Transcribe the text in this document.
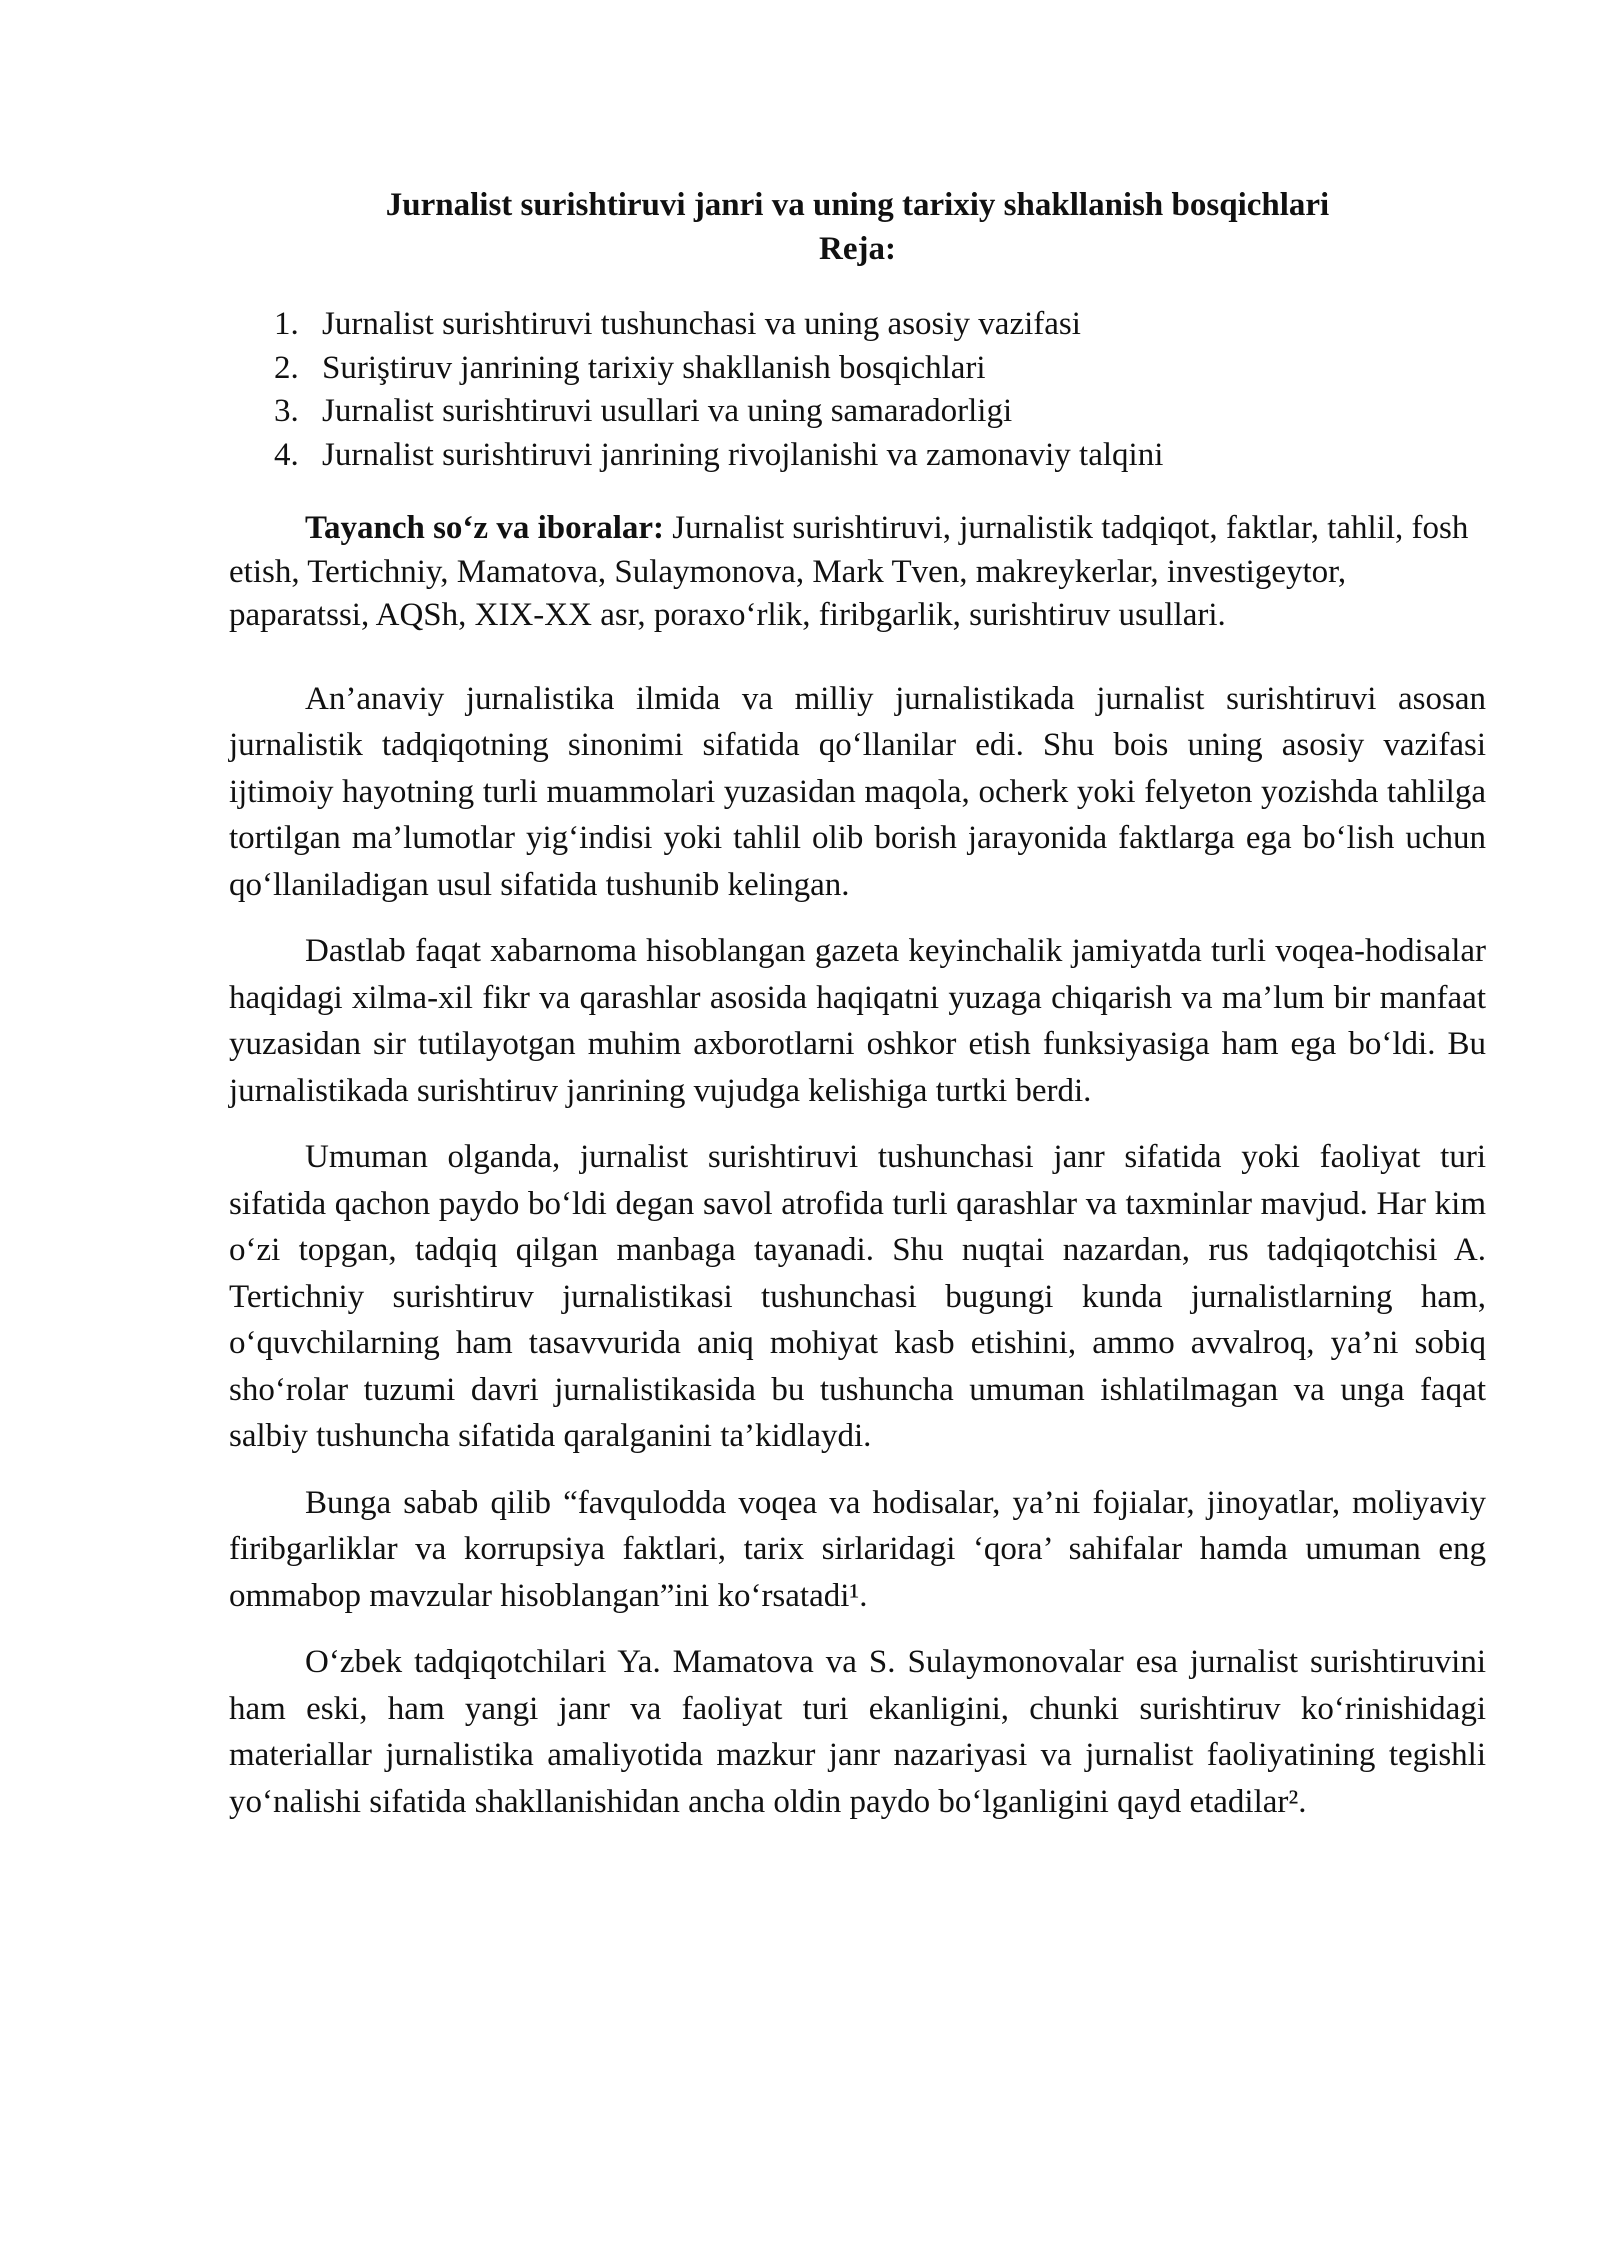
Jurnalist surishtiruvi janri va uning tarixiy shakllanish bosqichlari
Reja:
1. Jurnalist surishtiruvi tushunchasi va uning asosiy vazifasi
2. Suriştiruv janrining tarixiy shakllanish bosqichlari
3. Jurnalist surishtiruvi usullari va uning samaradorligi
4. Jurnalist surishtiruvi janrining rivojlanishi va zamonaviy talqini

Tayanch so‘z va iboralar: Jurnalist surishtiruvi, jurnalistik tadqiqot, faktlar, tahlil, fosh etish, Tertichniy, Mamatova, Sulaymonova, Mark Tven, makreykerlar, investigeytor, paparatssi, AQSh, XIX-XX asr, poraxo‘rlik, firibgarlik, surishtiruv usullari.

An’anaviy jurnalistika ilmida va milliy jurnalistikada jurnalist surishtiruvi asosan jurnalistik tadqiqotning sinonimi sifatida qo‘llanilar edi. Shu bois uning asosiy vazifasi ijtimoiy hayotning turli muammolari yuzasidan maqola, ocherk yoki felyeton yozishda tahlilga tortilgan ma’lumotlar yig‘indisi yoki tahlil olib borish jarayonida faktlarga ega bo‘lish uchun qo‘llaniladigan usul sifatida tushunib kelingan.

Dastlab faqat xabarnoma hisoblangan gazeta keyinchalik jamiyatda turli voqea-hodisalar haqidagi xilma-xil fikr va qarashlar asosida haqiqatni yuzaga chiqarish va ma’lum bir manfaat yuzasidan sir tutilayotgan muhim axborotlarni oshkor etish funksiyasiga ham ega bo‘ldi. Bu jurnalistikada surishtiruv janrining vujudga kelishiga turtki berdi.

Umuman olganda, jurnalist surishtiruvi tushunchasi janr sifatida yoki faoliyat turi sifatida qachon paydo bo‘ldi degan savol atrofida turli qarashlar va taxminlar mavjud. Har kim o‘zi topgan, tadqiq qilgan manbaga tayanadi. Shu nuqtai nazardan, rus tadqiqotchisi A. Tertichniy surishtiruv jurnalistikasi tushunchasi bugungi kunda jurnalistlarning ham, o‘quvchilarning ham tasavvurida aniq mohiyat kasb etishini, ammo avvalroq, ya’ni sobiq sho‘rolar tuzumi davri jurnalistikasida bu tushuncha umuman ishlatilmagan va unga faqat salbiy tushuncha sifatida qaralganini ta’kidlaydi.

Bunga sabab qilib “favqulodda voqea va hodisalar, ya’ni fojialar, jinoyatlar, moliyaviy firibgarliklar va korrupsiya faktlari, tarix sirlaridagi ‘qora’ sahifalar hamda umuman eng ommabop mavzular hisoblangan”ini ko‘rsatadi¹.

O‘zbek tadqiqotchilari Ya. Mamatova va S. Sulaymonovalar esa jurnalist surishtiruvini ham eski, ham yangi janr va faoliyat turi ekanligini, chunki surishtiruv ko‘rinishidagi materiallar jurnalistika amaliyotida mazkur janr nazariyasi va jurnalist faoliyatining tegishli yo‘nalishi sifatida shakllanishidan ancha oldin paydo bo‘lganligini qayd etadilar².
